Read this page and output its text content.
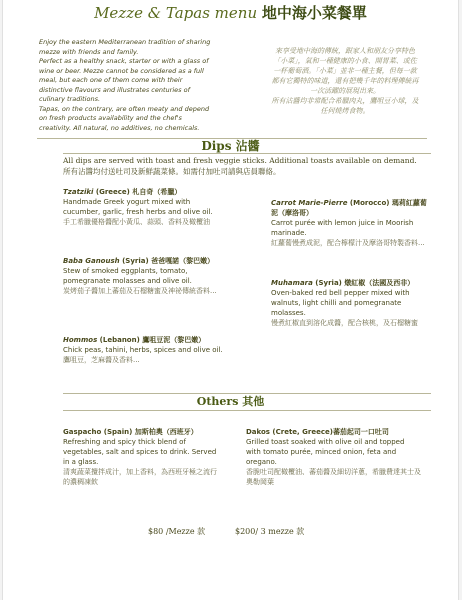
Mezze & Tapas menu 地中海小菜餐單
Enjoy the eastern Mediterranean tradition of sharing
mezze with friends and family.
Perfect as a healthy snack, starter or with a glass of
wine or beer. Mezze cannot be considered as a full
meal, but each one of them come with their
distinctive flavours and illustrates centuries of
culinary traditions.
Tapas, on the contrary, are often meaty and depend
on fresh products availability and the chef's
creativity. All natural, no additives, no chemicals.
來享受地中海的傳統，跟家人和朋友分享特色
「小菜」，氣和一種健康的小食、開胃菜、或佐
一杯葡萄酒。「小菜」並非一種主餐，但每一款
都有它獨特的味道，還有把幾千年的料理傳統再
一次活躍的展現出來。
所有沾醬均非常配合希臘肉丸，鷹咀豆小球，及
任何燒烤食物。
Dips 沾醬
All dips are served with toast and fresh veggie sticks. Additional toasts available on demand.
所有沾醬均付送吐司及新鮮蔬菜條。如需付加吐司請與店員聯絡。
Tzatziki (Greece) 札自奇（希臘）
Handmade Greek yogurt mixed with cucumber, garlic, fresh herbs and olive oil.
手工希臘優格醬配小黃瓜、蒜頭、香料及橄欖油
Baba Ganoush (Syria) 爸爸嘎諾（黎巴嫩）
Stew of smoked eggplants, tomato, pomegranate molasses and olive oil.
炭烤茄子醬加上蕃茄及石榴糖蜜及神祕傳統香料...
Hommos (Lebanon) 鷹咀豆泥（黎巴嫩）
Chick peas, tahini, herbs, spices and olive oil.
鷹咀豆，芝麻醬及香料...
Carrot Marie-Pierre (Morocco) 瑪莉紅蘿蔔泥（摩洛哥）
Carrot purée with lemon juice in Moorish marinade.
紅蘿蔔慢煮成泥，配合檸檬汁及摩洛哥特製香料...
Muhamara (Syria) 燉紅椒（法國及西非）
Oven-baked red bell pepper mixed with walnuts, light chilli and pomegranate molasses.
慢煮紅椒直到溶化成醬，配合核桃，及石榴糖蜜
Others 其他
Gaspacho (Spain) 加斯柏奧（西班牙）
Refreshing and spicy thick blend of vegetables, salt and spices to drink. Served in a glass.
清爽蔬菜攪拌成汁，加上香料，為西班牙極之流行的濃稠凍飲
Dakos (Crete, Greece)蕃茄起司一口吐司
Grilled toast soaked with olive oil and topped with tomato purée, minced onion, feta and oregano.
香脆吐司配橄欖油、蕃茄醬及細切洋蔥，希臘費達其士及奧勒岡葉
$80 /Mezze 款	$200/ 3 mezze 款
